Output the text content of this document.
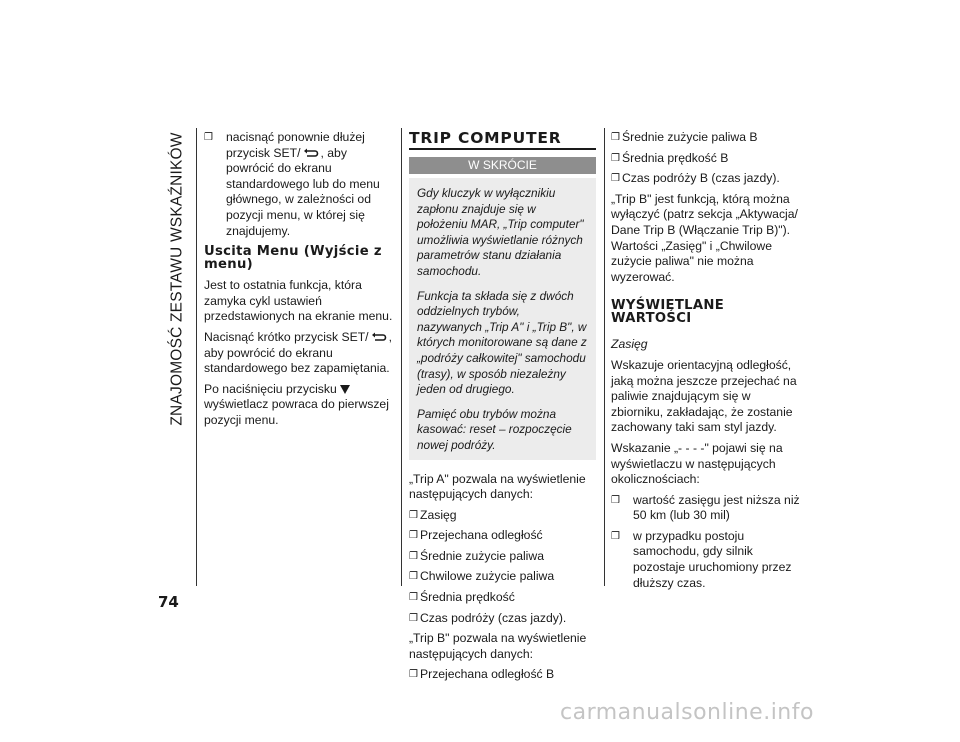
ZNAJOMOŚĆ ZESTAWU WSKAŹNIKÓW
❒	nacisnąć ponownie dłużej przycisk SET/ , aby powrócić do ekranu standardowego lub do menu głównego, w zależności od pozycji menu, w której się znajdujemy.
Uscita Menu (Wyjście z menu)

Jest to ostatnia funkcja, która zamyka cykl ustawień przedstawionych na ekranie menu.

Nacisnąć krótko przycisk SET/ , aby powrócić do ekranu standardowego bez zapamiętania.

Po naciśnięciu przycisku wyświetlacz powraca do pierwszej pozycji menu.

TRIP COMPUTER
W SKRÓCIE

Gdy kluczyk w wyłącznikiu zapłonu znajduje się w położeniu MAR, „Trip computer" umożliwia wyświetlanie różnych parametrów stanu działania samochodu.

Funkcja ta składa się z dwóch oddzielnych trybów, nazywanych „Trip A" i „Trip B", w których monitorowane są dane z „podróży całkowitej" samochodu (trasy), w sposób niezależny jeden od drugiego.

Pamięć obu trybów można kasować: reset – rozpoczęcie nowej podróży.

„Trip A" pozwala na wyświetlenie następujących danych:

❒ Zasięg
❒ Przejechana odległość
❒ Średnie zużycie paliwa
❒ Chwilowe zużycie paliwa
❒ Średnia prędkość
❒ Czas podróży (czas jazdy).

„Trip B" pozwala na wyświetlenie następujących danych:

❒ Przejechana odległość B
❒ Średnie zużycie paliwa B
❒ Średnia prędkość B
❒ Czas podróży B (czas jazdy).

„Trip B" jest funkcją, którą można wyłączyć (patrz sekcja „Aktywacja/ Dane Trip B (Włączanie Trip B)"). Wartości „Zasięg" i „Chwilowe zużycie paliwa" nie można wyzerować.

WYŚWIETLANE WARTOŚCI

Zasięg

Wskazuje orientacyjną odległość, jaką można jeszcze przejechać na paliwie znajdującym się w zbiorniku, zakładając, że zostanie zachowany taki sam styl jazdy.

Wskazanie „- - - -" pojawi się na wyświetlaczu w następujących okolicznościach:

❒ wartość zasięgu jest niższa niż 50 km (lub 30 mil)
❒ w przypadku postoju samochodu, gdy silnik pozostaje uruchomiony przez dłuższy czas.
74
carmanualsonline.info
